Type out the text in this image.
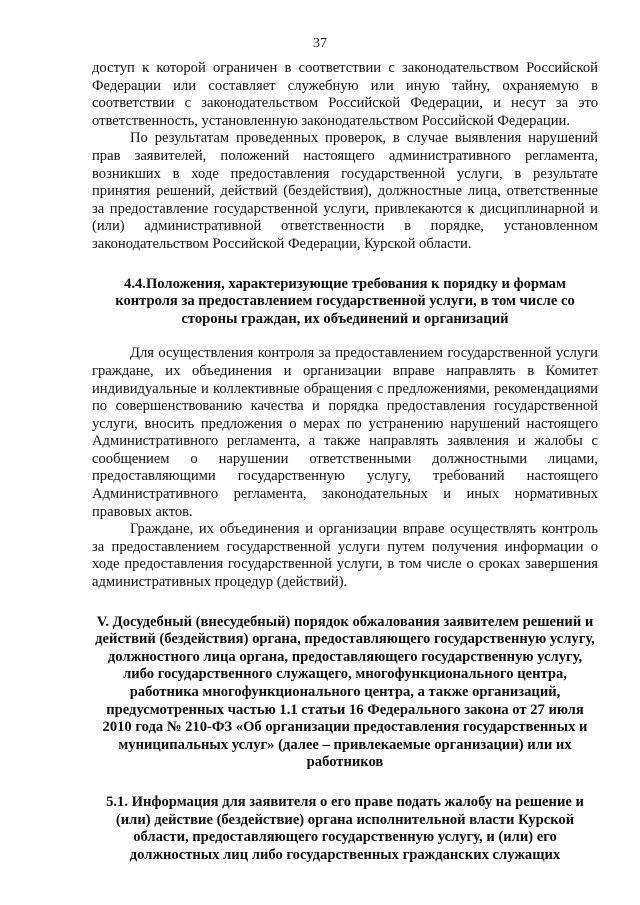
37

доступ к которой ограничен в соответствии с законодательством Российской Федерации или составляет служебную или иную тайну, охраняемую в соответствии с законодательством Российской Федерации, и несут за это ответственность, установленную законодательством Российской Федерации.

По результатам проведенных проверок, в случае выявления нарушений прав заявителей, положений настоящего административного регламента, возникших в ходе предоставления государственной услуги, в результате принятия решений, действий (бездействия), должностные лица, ответственные за предоставление государственной услуги, привлекаются к дисциплинарной и (или) административной ответственности в порядке, установленном законодательством Российской Федерации, Курской области.

4.4.Положения, характеризующие требования к порядку и формам контроля за предоставлением государственной услуги, в том числе со стороны граждан, их объединений и организаций

Для осуществления контроля за предоставлением государственной услуги граждане, их объединения и организации вправе направлять в Комитет индивидуальные и коллективные обращения с предложениями, рекомендациями по совершенствованию качества и порядка предоставления государственной услуги, вносить предложения о мерах по устранению нарушений настоящего Административного регламента, а также направлять заявления и жалобы с сообщением о нарушении ответственными должностными лицами, предоставляющими государственную услугу, требований настоящего Административного регламента, законодательных и иных нормативных правовых актов.

Граждане, их объединения и организации вправе осуществлять контроль за предоставлением государственной услуги путем получения информации о ходе предоставления государственной услуги, в том числе о сроках завершения административных процедур (действий).

V. Досудебный (внесудебный) порядок обжалования заявителем решений и действий (бездействия) органа, предоставляющего государственную услугу, должностного лица органа, предоставляющего государственную услугу, либо государственного служащего, многофункционального центра, работника многофункционального центра, а также организаций, предусмотренных частью 1.1 статьи 16 Федерального закона от 27 июля 2010 года № 210-ФЗ «Об организации предоставления государственных и муниципальных услуг» (далее – привлекаемые организации) или их работников
5.1. Информация для заявителя о его праве подать жалобу на решение и (или) действие (бездействие) органа исполнительной власти Курской области, предоставляющего государственную услугу, и (или) его должностных лиц либо государственных гражданских служащих
